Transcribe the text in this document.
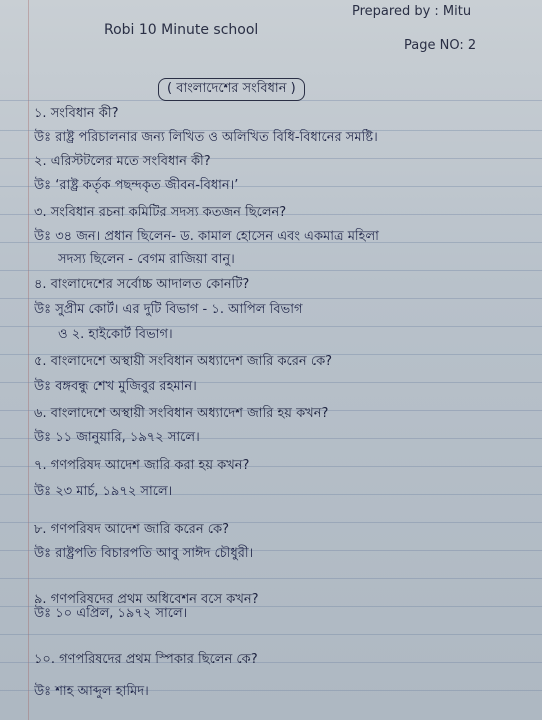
Robi 10 Minute school
Prepared by : Mitu
Page NO: 2
( বাংলাদেশের সংবিধান )
১. সংবিধান কী?
উঃ রাষ্ট্র পরিচালনার জন্য লিখিত ও অলিখিত বিধি-বিধানের সমষ্টি।
২. এরিস্টটলের মতে সংবিধান কী?
উঃ ‘রাষ্ট্র কর্তৃক পছন্দকৃত জীবন-বিধান।’
৩. সংবিধান রচনা কমিটির সদস্য কতজন ছিলেন?
উঃ ৩৪ জন। প্রধান ছিলেন- ড. কামাল হোসেন এবং একমাত্র মহিলা
সদস্য ছিলেন - বেগম রাজিয়া বানু।
৪. বাংলাদেশের সর্বোচ্চ আদালত কোনটি?
উঃ সুপ্রীম কোর্ট। এর দুটি বিভাগ - ১. আপিল বিভাগ
ও ২. হাইকোর্ট বিভাগ।
৫. বাংলাদেশে অস্থায়ী সংবিধান অধ্যাদেশ জারি করেন কে?
উঃ বঙ্গবন্ধু শেখ মুজিবুর রহমান।
৬. বাংলাদেশে অস্থায়ী সংবিধান অধ্যাদেশ জারি হয় কখন?
উঃ ১১ জানুয়ারি, ১৯৭২ সালে।
৭. গণপরিষদ আদেশ জারি করা হয় কখন?
উঃ ২৩ মার্চ, ১৯৭২ সালে।
৮. গণপরিষদ আদেশ জারি করেন কে?
উঃ রাষ্ট্রপতি বিচারপতি আবু সাঈদ চৌধুরী।
৯. গণপরিষদের প্রথম অধিবেশন বসে কখন?
উঃ ১০ এপ্রিল, ১৯৭২ সালে।
১০. গণপরিষদের প্রথম স্পিকার ছিলেন কে?
উঃ শাহ আব্দুল হামিদ।
